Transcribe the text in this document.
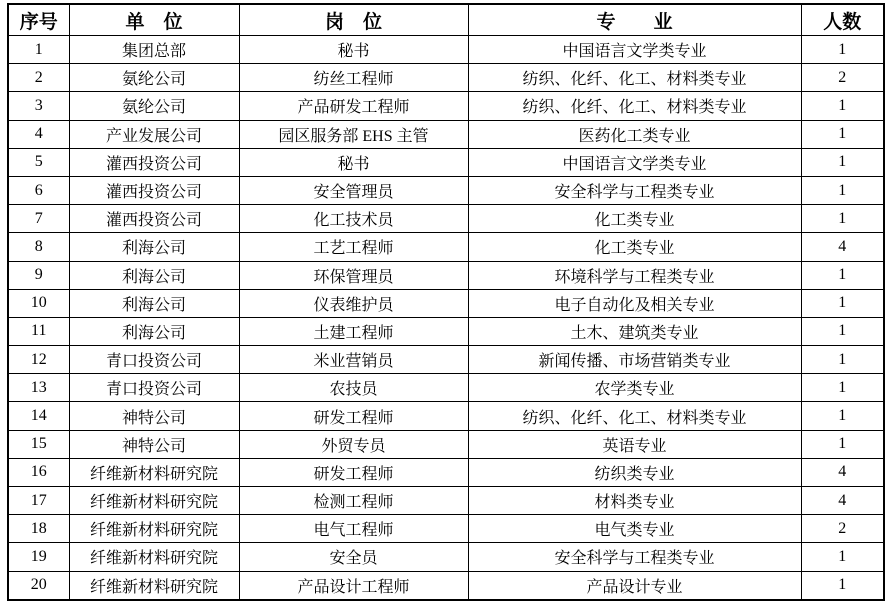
序号	单　位	岗　位	专　　业	人数
1	集团总部	秘书	中国语言文学类专业	1
2	氨纶公司	纺丝工程师	纺织、化纤、化工、材料类专业	2
3	氨纶公司	产品研发工程师	纺织、化纤、化工、材料类专业	1
4	产业发展公司	园区服务部 EHS 主管	医药化工类专业	1
5	灌西投资公司	秘书	中国语言文学类专业	1
6	灌西投资公司	安全管理员	安全科学与工程类专业	1
7	灌西投资公司	化工技术员	化工类专业	1
8	利海公司	工艺工程师	化工类专业	4
9	利海公司	环保管理员	环境科学与工程类专业	1
10	利海公司	仪表维护员	电子自动化及相关专业	1
11	利海公司	土建工程师	土木、建筑类专业	1
12	青口投资公司	米业营销员	新闻传播、市场营销类专业	1
13	青口投资公司	农技员	农学类专业	1
14	神特公司	研发工程师	纺织、化纤、化工、材料类专业	1
15	神特公司	外贸专员	英语专业	1
16	纤维新材料研究院	研发工程师	纺织类专业	4
17	纤维新材料研究院	检测工程师	材料类专业	4
18	纤维新材料研究院	电气工程师	电气类专业	2
19	纤维新材料研究院	安全员	安全科学与工程类专业	1
20	纤维新材料研究院	产品设计工程师	产品设计专业	1
